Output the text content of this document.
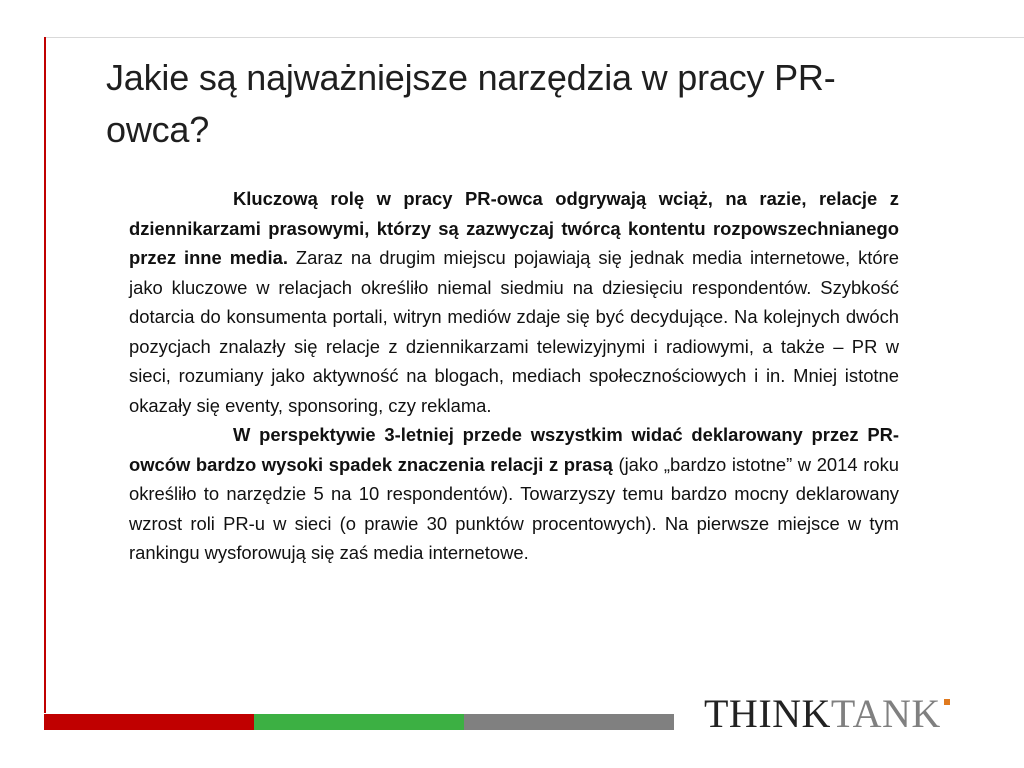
Jakie są najważniejsze narzędzia w pracy PR-owca?

Kluczową rolę w pracy PR-owca odgrywają wciąż, na razie, relacje z dziennikarzami prasowymi, którzy są zazwyczaj twórcą kontentu rozpowszechnianego przez inne media. Zaraz na drugim miejscu pojawiają się jednak media internetowe, które jako kluczowe w relacjach określiło niemal siedmiu na dziesięciu respondentów. Szybkość dotarcia do konsumenta portali, witryn mediów zdaje się być decydujące. Na kolejnych dwóch pozycjach znalazły się relacje z dziennikarzami telewizyjnymi i radiowymi, a także – PR w sieci, rozumiany jako aktywność na blogach, mediach społecznościowych i in. Mniej istotne okazały się eventy, sponsoring, czy reklama.

W perspektywie 3-letniej przede wszystkim widać deklarowany przez PR-owców bardzo wysoki spadek znaczenia relacji z prasą (jako „bardzo istotne” w 2014 roku określiło to narzędzie 5 na 10 respondentów). Towarzyszy temu bardzo mocny deklarowany wzrost roli PR-u w sieci (o prawie 30 punktów procentowych). Na pierwsze miejsce w tym rankingu wysforowują się zaś media internetowe.

THINK TANK
